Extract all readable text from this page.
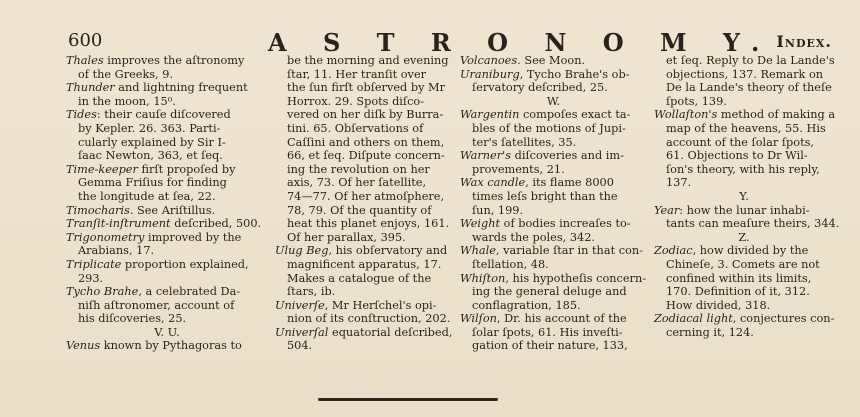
600	A S T R O N O M Y. Index.

Thales improves the aſtronomy

of the Greeks, 9.

Thunder and lightning frequent

in the moon, 15⁰.

Tides: their cauſe diſcovered

by Kepler. 26. 363. Parti-

cularly explained by Sir I-

ſaac Newton, 363, et ſeq.

Time-keeper firſt propoſed by

Gemma Friſius for finding

the longitude at ſea, 22.

Timocharis. See Ariſtillus.

Tranſit-inſtrument deſcribed, 500.

Trigonometry improved by the

Arabians, 17.

Triplicate proportion explained,

293.

Tycho Brahe, a celebrated Da-

niſh aſtronomer, account of

his diſcoveries, 25.

V. U.

Venus known by Pythagoras to

be the morning and evening

ſtar, 11. Her tranſit over

the ſun firſt obſerved by Mr

Horrox. 29. Spots diſco-

vered on her diſk by Burra-

tini. 65. Obſervations of

Caſſini and others on them,

66, et ſeq. Diſpute concern-

ing the revolution on her

axis, 73. Of her ſatellite,

74—77. Of her atmoſphere,

78, 79. Of the quantity of

heat this planet enjoys, 161.

Of her parallax, 395.

Ulug Beg, his obſervatory and

magnificent apparatus, 17.

Makes a catalogue of the

ſtars, ib.

Univerſe, Mr Herſchel's opi-

nion of its conſtruction, 202.

Univerſal equatorial deſcribed,

504.

Volcanoes. See Moon.

Uraniburg, Tycho Brahe's ob-

ſervatory deſcribed, 25.

W.

Wargentin compoſes exact ta-

bles of the motions of Jupi-

ter's ſatellites, 35.

Warner's diſcoveries and im-

provements, 21.

Wax candle, its flame 8000

times leſs bright than the

ſun, 199.

Weight of bodies increaſes to-

wards the poles, 342.

Whale, variable ſtar in that con-

ſtellation, 48.

Whiſton, his hypotheſis concern-

ing the general deluge and

conflagration, 185.

Wilſon, Dr. his account of the

ſolar ſpots, 61. His inveſti-

gation of their nature, 133,

et ſeq. Reply to De la Lande's

objections, 137. Remark on

De la Lande's theory of theſe

ſpots, 139.

Wollaſton's method of making a

map of the heavens, 55. His

account of the ſolar ſpots,

61. Objections to Dr Wil-

ſon's theory, with his reply,

137.

Y.

Year: how the lunar inhabi-

tants can meaſure theirs, 344.

Z.

Zodiac, how divided by the

Chineſe, 3. Comets are not

confined within its limits,

170. Definition of it, 312.

How divided, 318.

Zodiacal light, conjectures con-

cerning it, 124.
